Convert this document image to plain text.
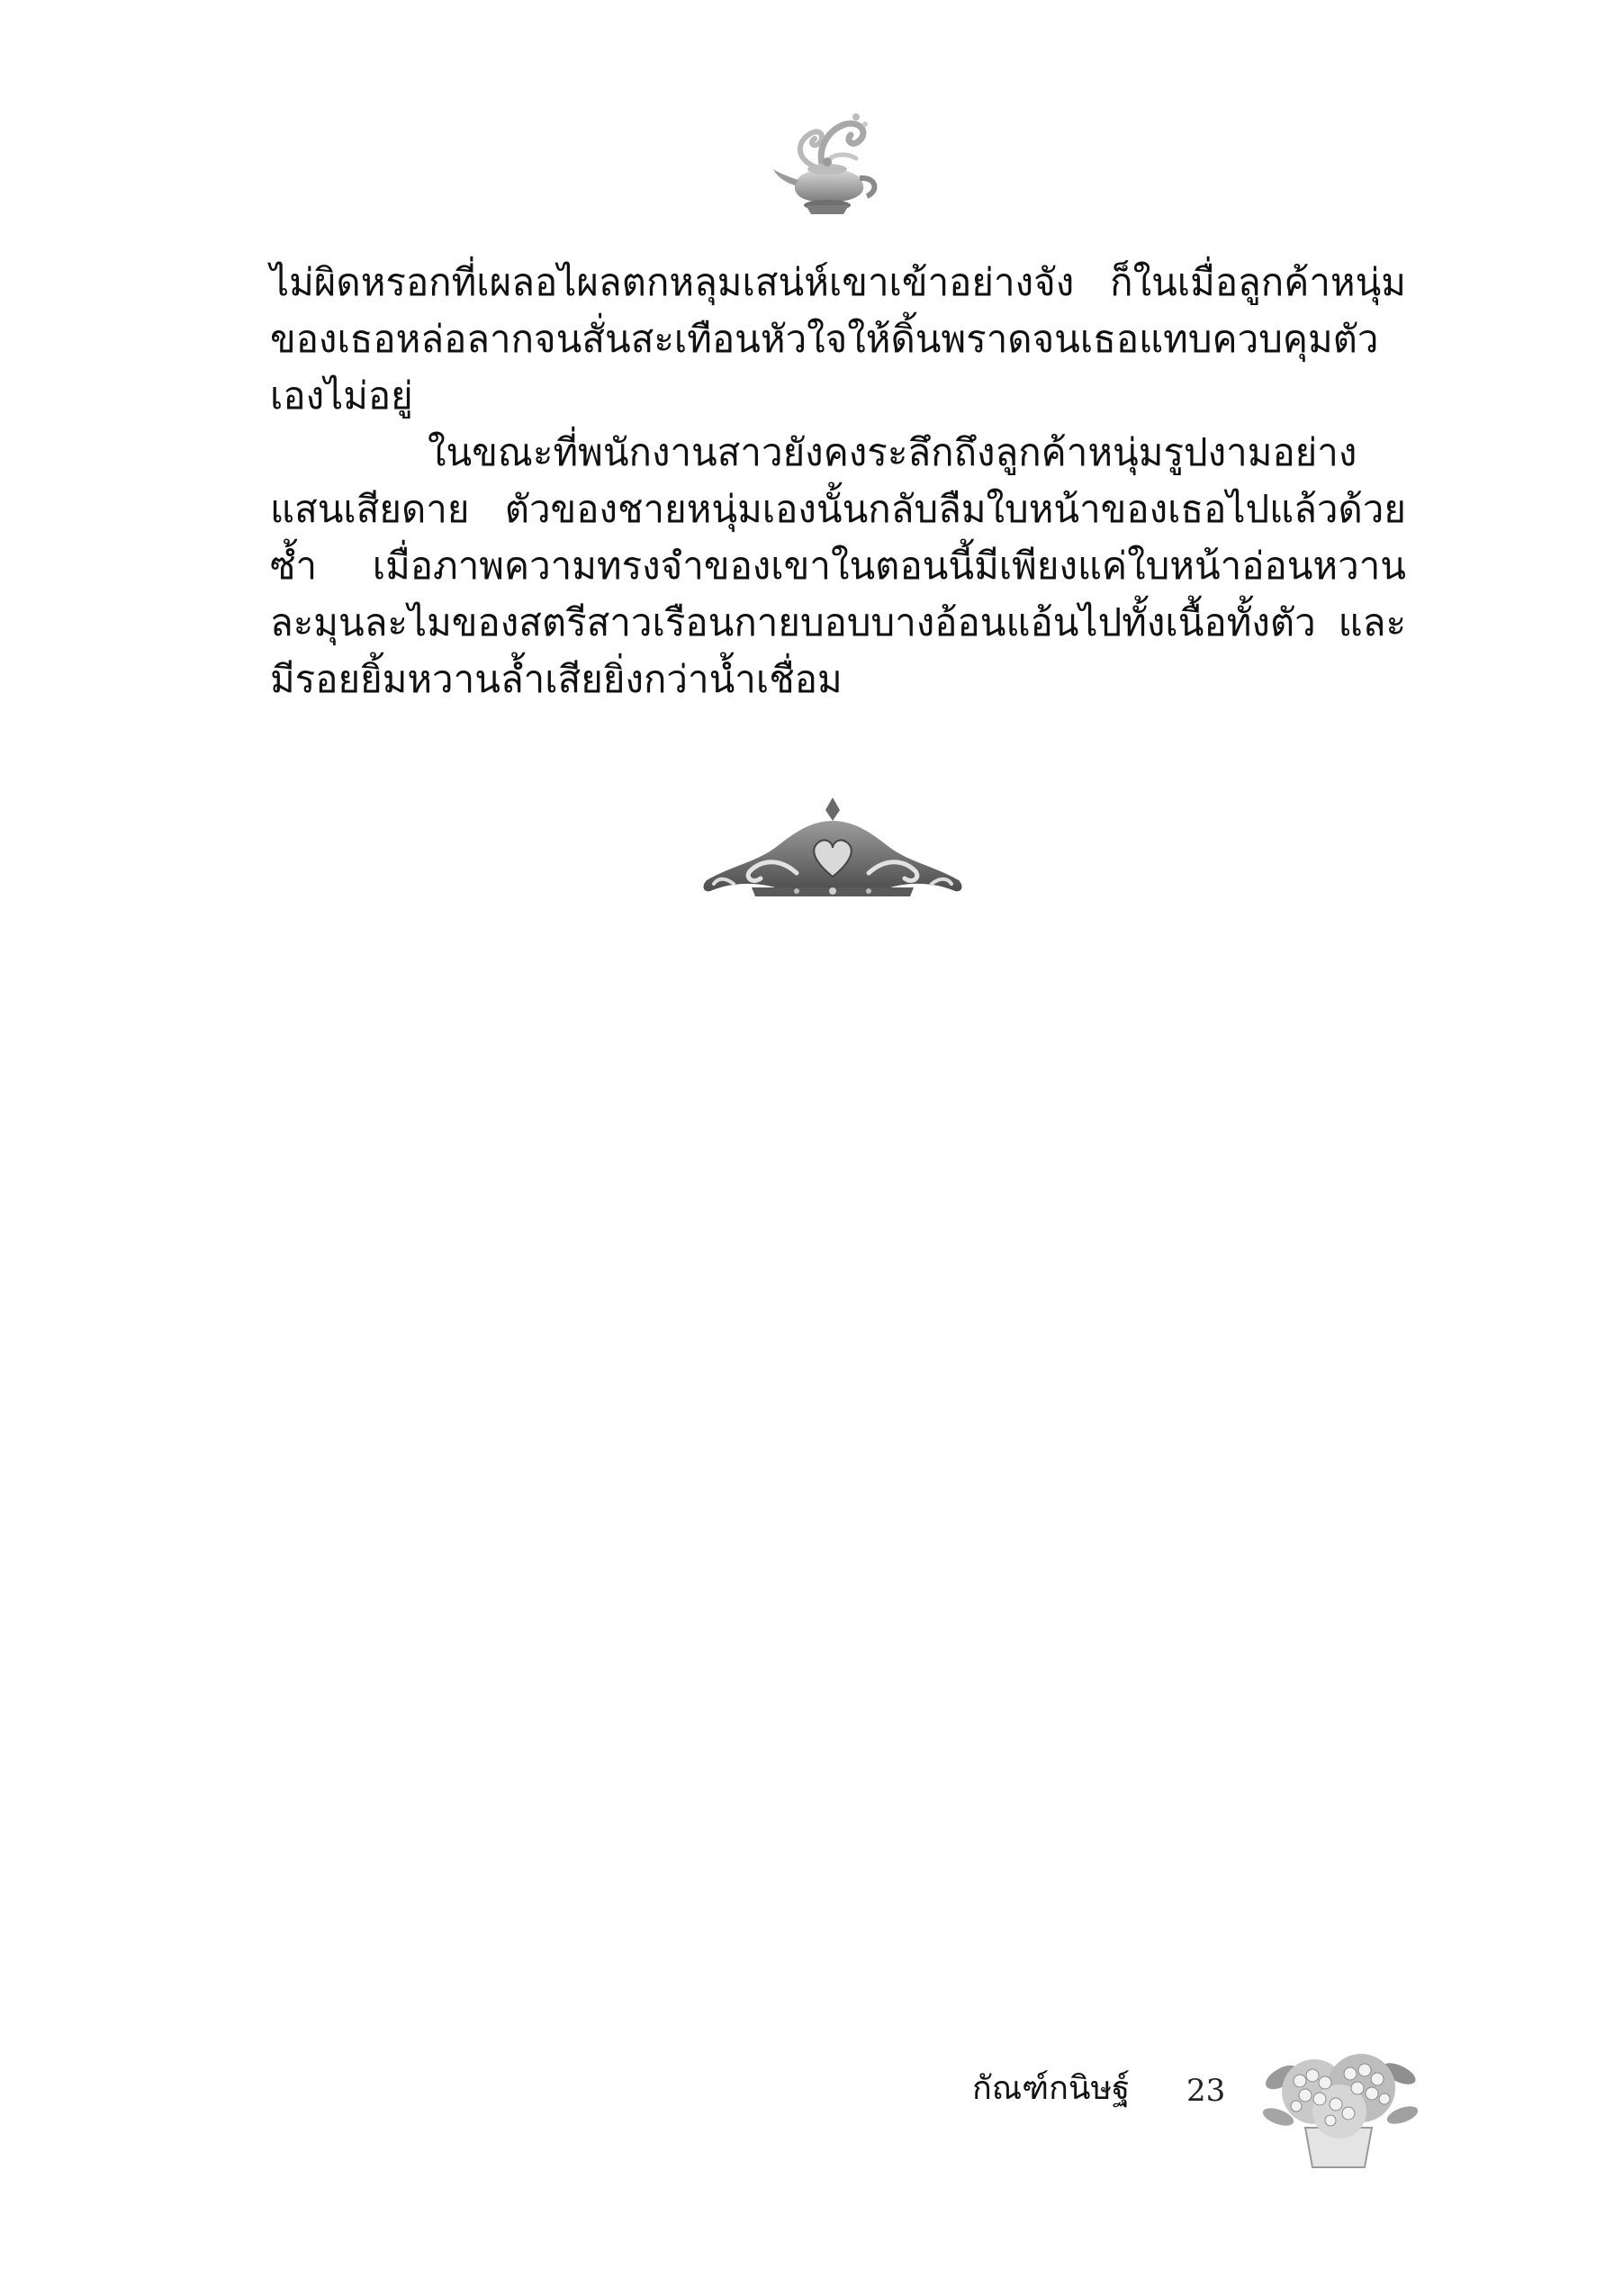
ไม่ผิดหรอกที่เผลอไผลตกหลุมเสน่ห์เขาเข้าอย่างจัง ก็ในเมื่อลูกค้าหนุ่มของเธอหล่อลากจนสั่นสะเทือนหัวใจให้ดิ้นพราดจนเธอแทบควบคุมตัวเองไม่อยู่

ในขณะที่พนักงานสาวยังคงระลึกถึงลูกค้าหนุ่มรูปงามอย่างแสนเสียดาย ตัวของชายหนุ่มเองนั้นกลับลืมใบหน้าของเธอไปแล้วด้วยซ้ำ เมื่อภาพความทรงจำของเขาในตอนนี้มีเพียงแค่ใบหน้าอ่อนหวานละมุนละไมของสตรีสาวเรือนกายบอบบางอ้อนแอ้นไปทั้งเนื้อทั้งตัว และมีรอยยิ้มหวานล้ำเสียยิ่งกว่าน้ำเชื่อม

กัณฑ์กนิษฐ์ 23
